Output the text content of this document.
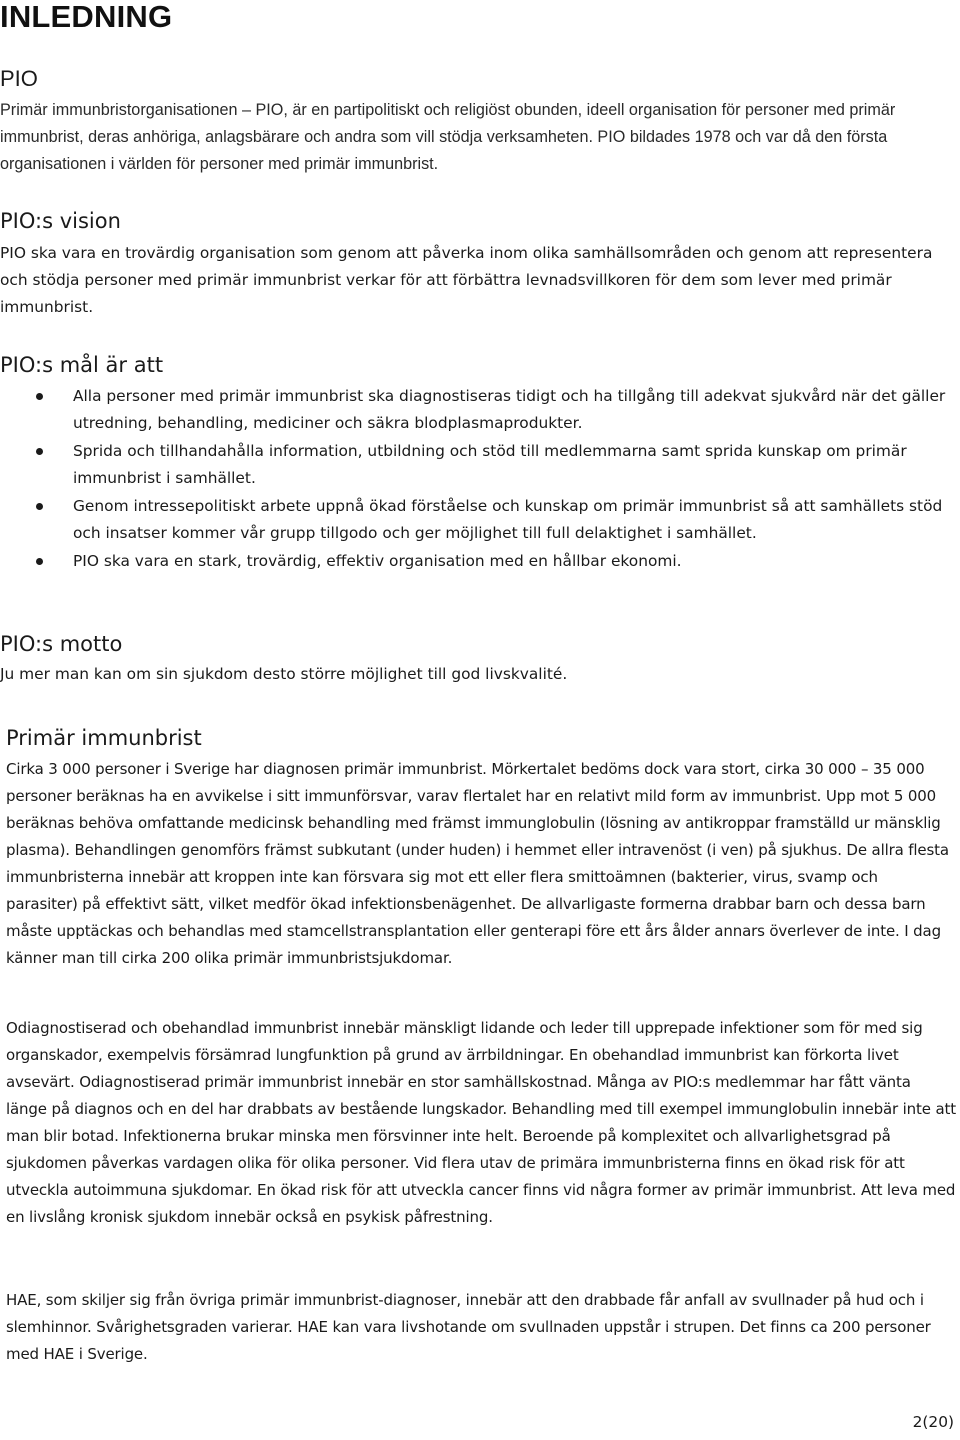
INLEDNING
PIO

Primär immunbristorganisationen – PIO, är en partipolitiskt och religiöst obunden, ideell organisation för personer med primär immunbrist, deras anhöriga, anlagsbärare och andra som vill stödja verksamheten. PIO bildades 1978 och var då den första organisationen i världen för personer med primär immunbrist.

PIO:s vision

PIO ska vara en trovärdig organisation som genom att påverka inom olika samhällsområden och genom att representera och stödja personer med primär immunbrist verkar för att förbättra levnadsvillkoren för dem som lever med primär immunbrist.

PIO:s mål är att
Alla personer med primär immunbrist ska diagnostiseras tidigt och ha tillgång till adekvat sjukvård när det gäller utredning, behandling, mediciner och säkra blodplasmaprodukter.
Sprida och tillhandahålla information, utbildning och stöd till medlemmarna samt sprida kunskap om primär immunbrist i samhället.
Genom intressepolitiskt arbete uppnå ökad förståelse och kunskap om primär immunbrist så att samhällets stöd och insatser kommer vår grupp tillgodo och ger möjlighet till full delaktighet i samhället.
PIO ska vara en stark, trovärdig, effektiv organisation med en hållbar ekonomi.
PIO:s motto

Ju mer man kan om sin sjukdom desto större möjlighet till god livskvalité.

Primär immunbrist

Cirka 3 000 personer i Sverige har diagnosen primär immunbrist. Mörkertalet bedöms dock vara stort, cirka 30 000 – 35 000 personer beräknas ha en avvikelse i sitt immunförsvar, varav flertalet har en relativt mild form av immunbrist. Upp mot 5 000 beräknas behöva omfattande medicinsk behandling med främst immunglobulin (lösning av antikroppar framställd ur mänsklig plasma). Behandlingen genomförs främst subkutant (under huden) i hemmet eller intravenöst (i ven) på sjukhus. De allra flesta immunbristerna innebär att kroppen inte kan försvara sig mot ett eller flera smittoämnen (bakterier, virus, svamp och parasiter) på effektivt sätt, vilket medför ökad infektionsbenägenhet. De allvarligaste formerna drabbar barn och dessa barn måste upptäckas och behandlas med stamcellstransplantation eller genterapi före ett års ålder annars överlever de inte. I dag känner man till cirka 200 olika primär immunbristsjukdomar.

Odiagnostiserad och obehandlad immunbrist innebär mänskligt lidande och leder till upprepade infektioner som för med sig organskador, exempelvis försämrad lungfunktion på grund av ärrbildningar. En obehandlad immunbrist kan förkorta livet avsevärt. Odiagnostiserad primär immunbrist innebär en stor samhällskostnad. Många av PIO:s medlemmar har fått vänta länge på diagnos och en del har drabbats av bestående lungskador. Behandling med till exempel immunglobulin innebär inte att man blir botad. Infektionerna brukar minska men försvinner inte helt. Beroende på komplexitet och allvarlighetsgrad på sjukdomen påverkas vardagen olika för olika personer. Vid flera utav de primära immunbristerna finns en ökad risk för att utveckla autoimmuna sjukdomar. En ökad risk för att utveckla cancer finns vid några former av primär immunbrist. Att leva med en livslång kronisk sjukdom innebär också en psykisk påfrestning.

HAE, som skiljer sig från övriga primär immunbrist-diagnoser, innebär att den drabbade får anfall av svullnader på hud och i slemhinnor. Svårighetsgraden varierar. HAE kan vara livshotande om svullnaden uppstår i strupen. Det finns ca 200 personer med HAE i Sverige.

2(20)
